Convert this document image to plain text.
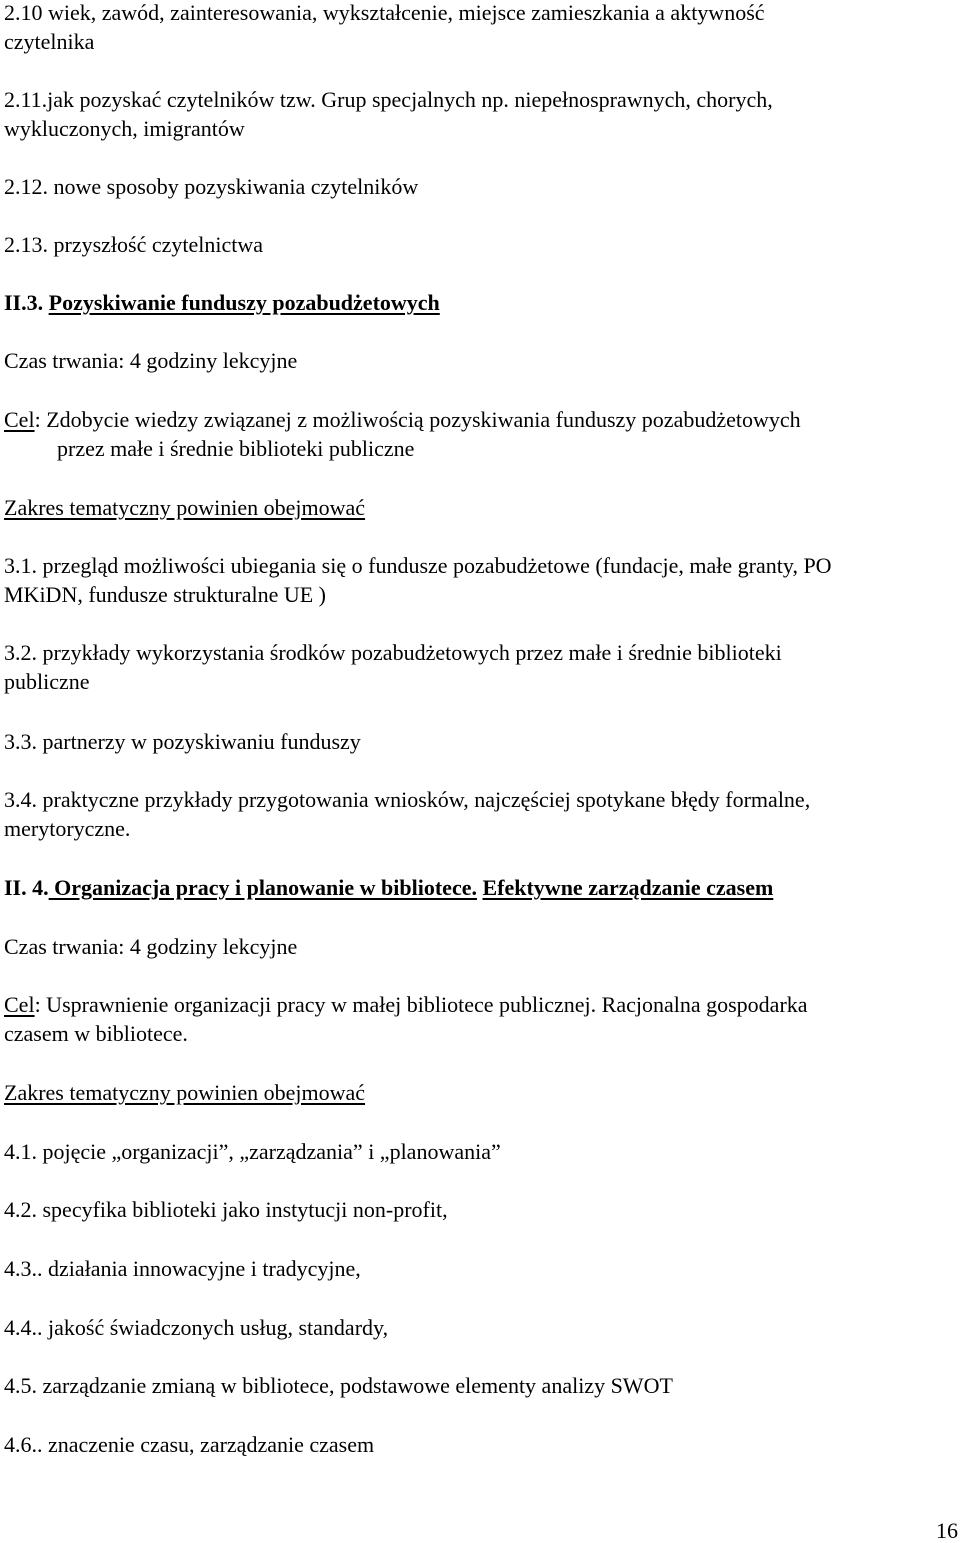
2.10 wiek, zawód, zainteresowania, wykształcenie, miejsce zamieszkania a aktywność
czytelnika
2.11.jak pozyskać czytelników tzw. Grup specjalnych np. niepełnosprawnych, chorych,
wykluczonych, imigrantów
2.12. nowe sposoby pozyskiwania czytelników
2.13. przyszłość czytelnictwa
II.3. Pozyskiwanie funduszy pozabudżetowych
Czas trwania: 4 godziny lekcyjne
Cel: Zdobycie wiedzy związanej z możliwością pozyskiwania funduszy pozabudżetowych
przez małe i średnie biblioteki publiczne
Zakres tematyczny powinien obejmować
3.1. przegląd możliwości ubiegania się o fundusze pozabudżetowe (fundacje, małe granty, PO
MKiDN, fundusze strukturalne UE )
3.2. przykłady wykorzystania środków pozabudżetowych przez małe i średnie biblioteki
publiczne
3.3. partnerzy w pozyskiwaniu funduszy
3.4. praktyczne przykłady przygotowania wniosków, najczęściej spotykane błędy formalne,
merytoryczne.
II. 4. Organizacja pracy i planowanie w bibliotece. Efektywne zarządzanie czasem
Czas trwania: 4 godziny lekcyjne
Cel: Usprawnienie organizacji pracy w małej bibliotece publicznej. Racjonalna gospodarka
czasem w bibliotece.
Zakres tematyczny powinien obejmować
4.1. pojęcie „organizacji”, „zarządzania” i „planowania”
4.2. specyfika biblioteki jako instytucji non-profit,
4.3.. działania innowacyjne i tradycyjne,
4.4.. jakość świadczonych usług, standardy,
4.5. zarządzanie zmianą w bibliotece, podstawowe elementy analizy SWOT
4.6.. znaczenie czasu, zarządzanie czasem
16
